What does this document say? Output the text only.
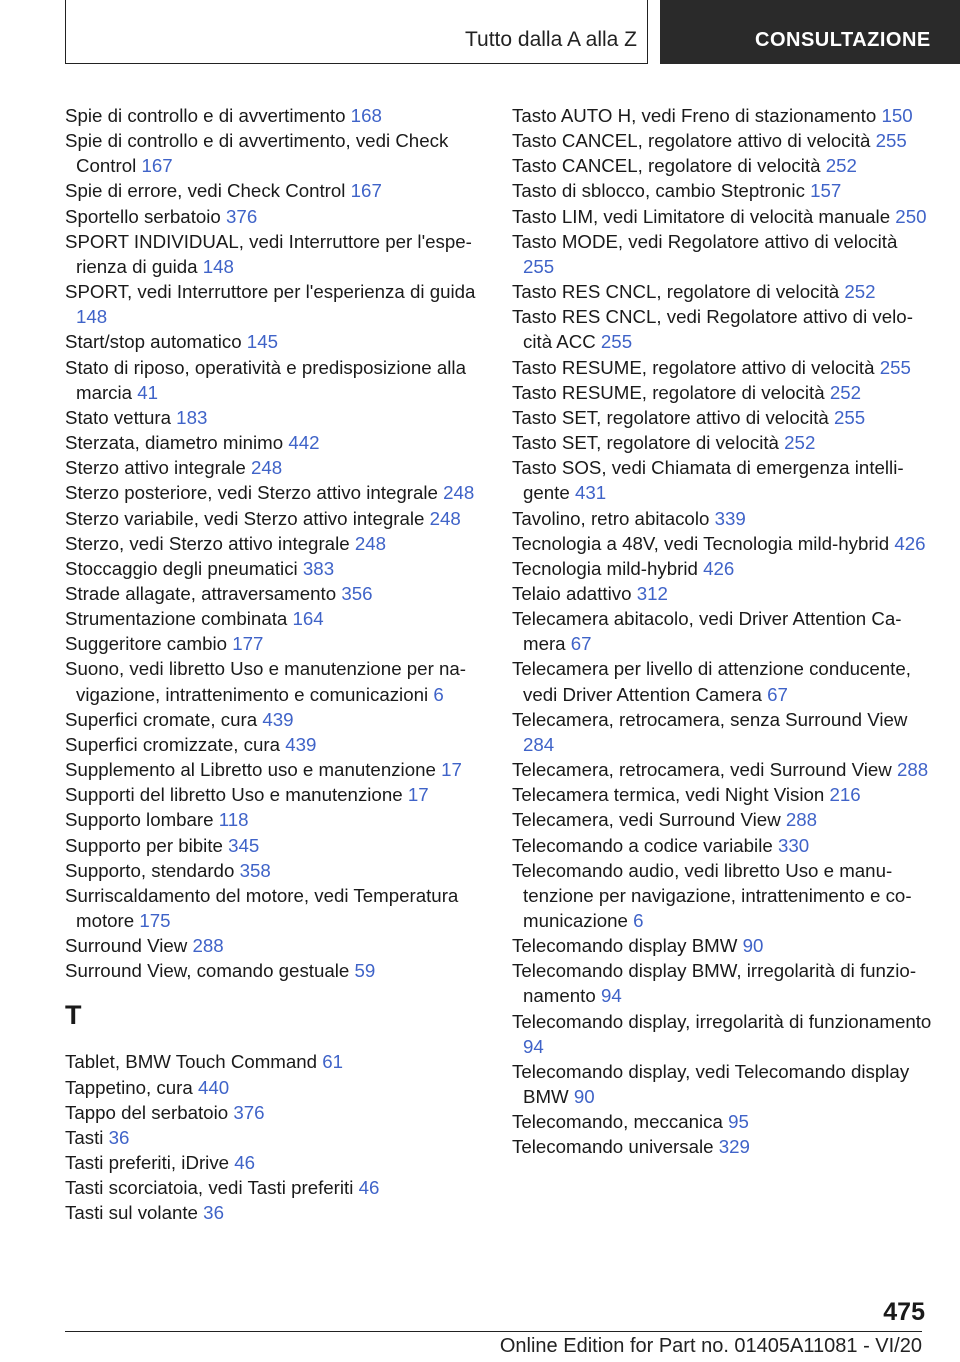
Tutto dalla A alla Z	CONSULTAZIONE
Spie di controllo e di avvertimento 168
Spie di controllo e di avvertimento, vedi Check Control 167
Spie di errore, vedi Check Control 167
Sportello serbatoio 376
SPORT INDIVIDUAL, vedi Interruttore per l'esperienza di guida 148
SPORT, vedi Interruttore per l'esperienza di guida 148
Start/stop automatico 145
Stato di riposo, operatività e predisposizione alla marcia 41
Stato vettura 183
Sterzata, diametro minimo 442
Sterzo attivo integrale 248
Sterzo posteriore, vedi Sterzo attivo integrale 248
Sterzo variabile, vedi Sterzo attivo integrale 248
Sterzo, vedi Sterzo attivo integrale 248
Stoccaggio degli pneumatici 383
Strade allagate, attraversamento 356
Strumentazione combinata 164
Suggeritore cambio 177
Suono, vedi libretto Uso e manutenzione per navigazione, intrattenimento e comunicazioni 6
Superfici cromate, cura 439
Superfici cromizzate, cura 439
Supplemento al Libretto uso e manutenzione 17
Supporti del libretto Uso e manutenzione 17
Supporto lombare 118
Supporto per bibite 345
Supporto, stendardo 358
Surriscaldamento del motore, vedi Temperatura motore 175
Surround View 288
Surround View, comando gestuale 59
T
Tablet, BMW Touch Command 61
Tappetino, cura 440
Tappo del serbatoio 376
Tasti 36
Tasti preferiti, iDrive 46
Tasti scorciatoia, vedi Tasti preferiti 46
Tasti sul volante 36
Tasto AUTO H, vedi Freno di stazionamento 150
Tasto CANCEL, regolatore attivo di velocità 255
Tasto CANCEL, regolatore di velocità 252
Tasto di sblocco, cambio Steptronic 157
Tasto LIM, vedi Limitatore di velocità manuale 250
Tasto MODE, vedi Regolatore attivo di velocità 255
Tasto RES CNCL, regolatore di velocità 252
Tasto RES CNCL, vedi Regolatore attivo di velocità ACC 255
Tasto RESUME, regolatore attivo di velocità 255
Tasto RESUME, regolatore di velocità 252
Tasto SET, regolatore attivo di velocità 255
Tasto SET, regolatore di velocità 252
Tasto SOS, vedi Chiamata di emergenza intelligente 431
Tavolino, retro abitacolo 339
Tecnologia a 48V, vedi Tecnologia mild-hybrid 426
Tecnologia mild-hybrid 426
Telaio adattivo 312
Telecamera abitacolo, vedi Driver Attention Camera 67
Telecamera per livello di attenzione conducente, vedi Driver Attention Camera 67
Telecamera, retrocamera, senza Surround View 284
Telecamera, retrocamera, vedi Surround View 288
Telecamera termica, vedi Night Vision 216
Telecamera, vedi Surround View 288
Telecomando a codice variabile 330
Telecomando audio, vedi libretto Uso e manutenzione per navigazione, intrattenimento e comunicazione 6
Telecomando display BMW 90
Telecomando display BMW, irregolarità di funzionamento 94
Telecomando display, irregolarità di funzionamento 94
Telecomando display, vedi Telecomando display BMW 90
Telecomando, meccanica 95
Telecomando universale 329
475
Online Edition for Part no. 01405A11081 - VI/20
